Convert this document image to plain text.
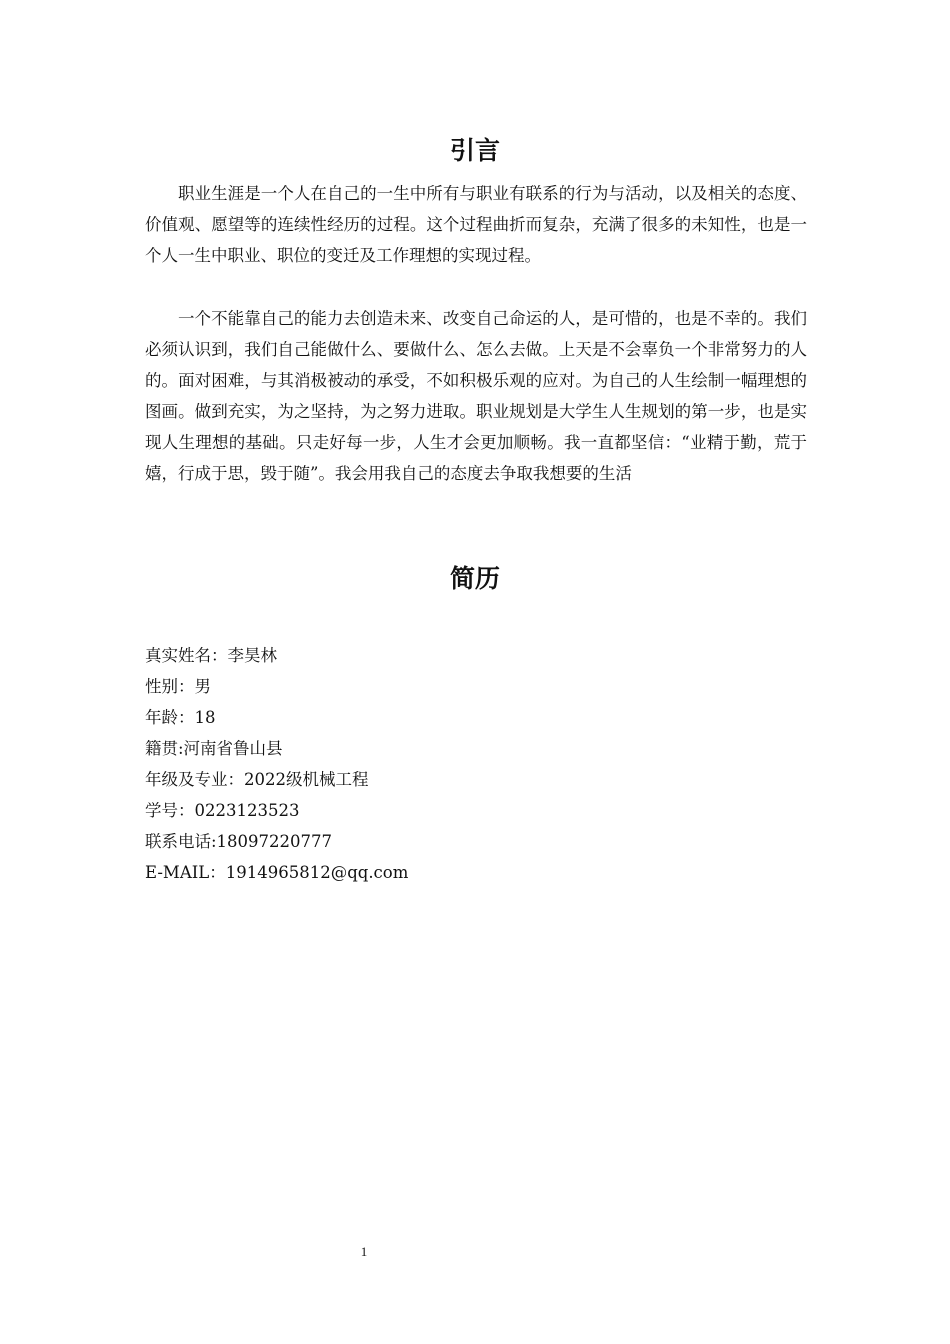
引言

职业生涯是一个人在自己的一生中所有与职业有联系的行为与活动，以及相关的态度、价值观、愿望等的连续性经历的过程。这个过程曲折而复杂，充满了很多的未知性，也是一个人一生中职业、职位的变迁及工作理想的实现过程。

一个不能靠自己的能力去创造未来、改变自己命运的人，是可惜的，也是不幸的。我们必须认识到，我们自己能做什么、要做什么、怎么去做。上天是不会辜负一个非常努力的人的。面对困难，与其消极被动的承受，不如积极乐观的应对。为自己的人生绘制一幅理想的图画。做到充实，为之坚持，为之努力进取。职业规划是大学生人生规划的第一步，也是实现人生理想的基础。只走好每一步，人生才会更加顺畅。我一直都坚信：“业精于勤，荒于嬉，行成于思，毁于随”。我会用我自己的态度去争取我想要的生活

简历
真实姓名：李昊林
性别：男
年龄：18
籍贯:河南省鲁山县
年级及专业：2022级机械工程
学号：0223123523
联系电话:18097220777
E-MAIL：1914965812@qq.com
1
